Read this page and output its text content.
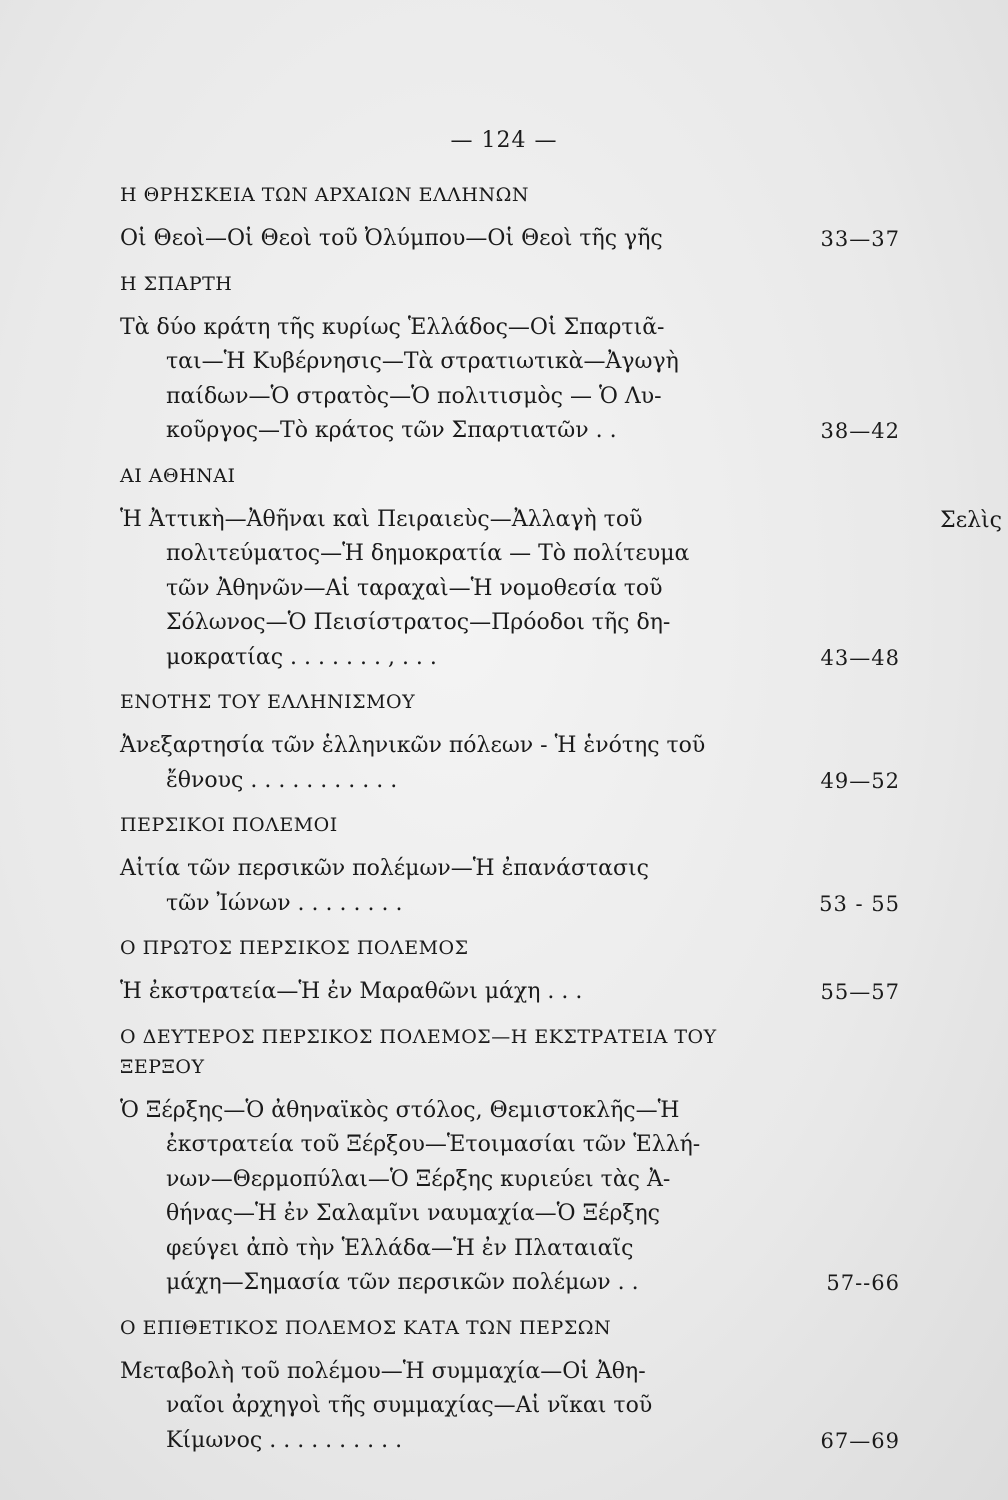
— 124 —
Σελὶς
Η ΘΡΗΣΚΕΙΑ ΤΩΝ ΑΡΧΑΙΩΝ ΕΛΛΗΝΩΝ
Οἱ Θεοὶ—Οἱ Θεοὶ τοῦ Ὀλύμπου—Οἱ Θεοὶ τῆς γῆς	33—37
Η ΣΠΑΡΤΗ
Τὰ δύο κράτη τῆς κυρίως Ἑλλάδος—Οἱ Σπαρτιᾶ-
ται—Ἡ Κυβέρνησις—Τὰ στρατιωτικὰ—Ἀγωγὴ
παίδων—Ὁ στρατὸς—Ὁ πολιτισμὸς — Ὁ Λυ-
κοῦργος—Τὸ κράτος τῶν Σπαρτιατῶν . .	38—42
ΑΙ ΑΘΗΝΑΙ
Ἡ Ἀττικὴ—Ἀθῆναι καὶ Πειραιεὺς—Ἀλλαγὴ τοῦ
πολιτεύματος—Ἡ δημοκρατία — Τὸ πολίτευμα
τῶν Ἀθηνῶν—Αἱ ταραχαὶ—Ἡ νομοθεσία τοῦ
Σόλωνος—Ὁ Πεισίστρατος—Πρόοδοι τῆς δη-
μοκρατίας . . . . . . . , . . .	43—48
ΕΝΟΤΗΣ ΤΟΥ ΕΛΛΗΝΙΣΜΟΥ
Ἀνεξαρτησία τῶν ἑλληνικῶν πόλεων - Ἡ ἑνότης τοῦ
ἔθνους . . . . . . . . . . .	49—52
ΠΕΡΣΙΚΟΙ ΠΟΛΕΜΟΙ
Αἰτία τῶν περσικῶν πολέμων—Ἡ ἐπανάστασις
τῶν Ἰώνων . . . . . . . .	53 - 55
Ο ΠΡΩΤΟΣ ΠΕΡΣΙΚΟΣ ΠΟΛΕΜΟΣ
Ἡ ἐκστρατεία—Ἡ ἐν Μαραθῶνι μάχη . . .	55—57
Ο ΔΕΥΤΕΡΟΣ ΠΕΡΣΙΚΟΣ ΠΟΛΕΜΟΣ—Η ΕΚΣΤΡΑΤΕΙΑ ΤΟΥ ΞΕΡΞΟΥ
Ὁ Ξέρξης—Ὁ ἀθηναϊκὸς στόλος, Θεμιστοκλῆς—Ἡ
ἐκστρατεία τοῦ Ξέρξου—Ἑτοιμασίαι τῶν Ἑλλή-
νων—Θερμοπύλαι—Ὁ Ξέρξης κυριεύει τὰς Ἀ-
θήνας—Ἡ ἐν Σαλαμῖνι ναυμαχία—Ὁ Ξέρξης
φεύγει ἀπὸ τὴν Ἑλλάδα—Ἡ ἐν Πλαταιαῖς
μάχη—Σημασία τῶν περσικῶν πολέμων . .	57--66
Ο ΕΠΙΘΕΤΙΚΟΣ ΠΟΛΕΜΟΣ ΚΑΤΑ ΤΩΝ ΠΕΡΣΩΝ
Μεταβολὴ τοῦ πολέμου—Ἡ συμμαχία—Οἱ Ἀθη-
ναῖοι ἀρχηγοὶ τῆς συμμαχίας—Αἱ νῖκαι τοῦ
Κίμωνος . . . . . . . . . .	67—69
